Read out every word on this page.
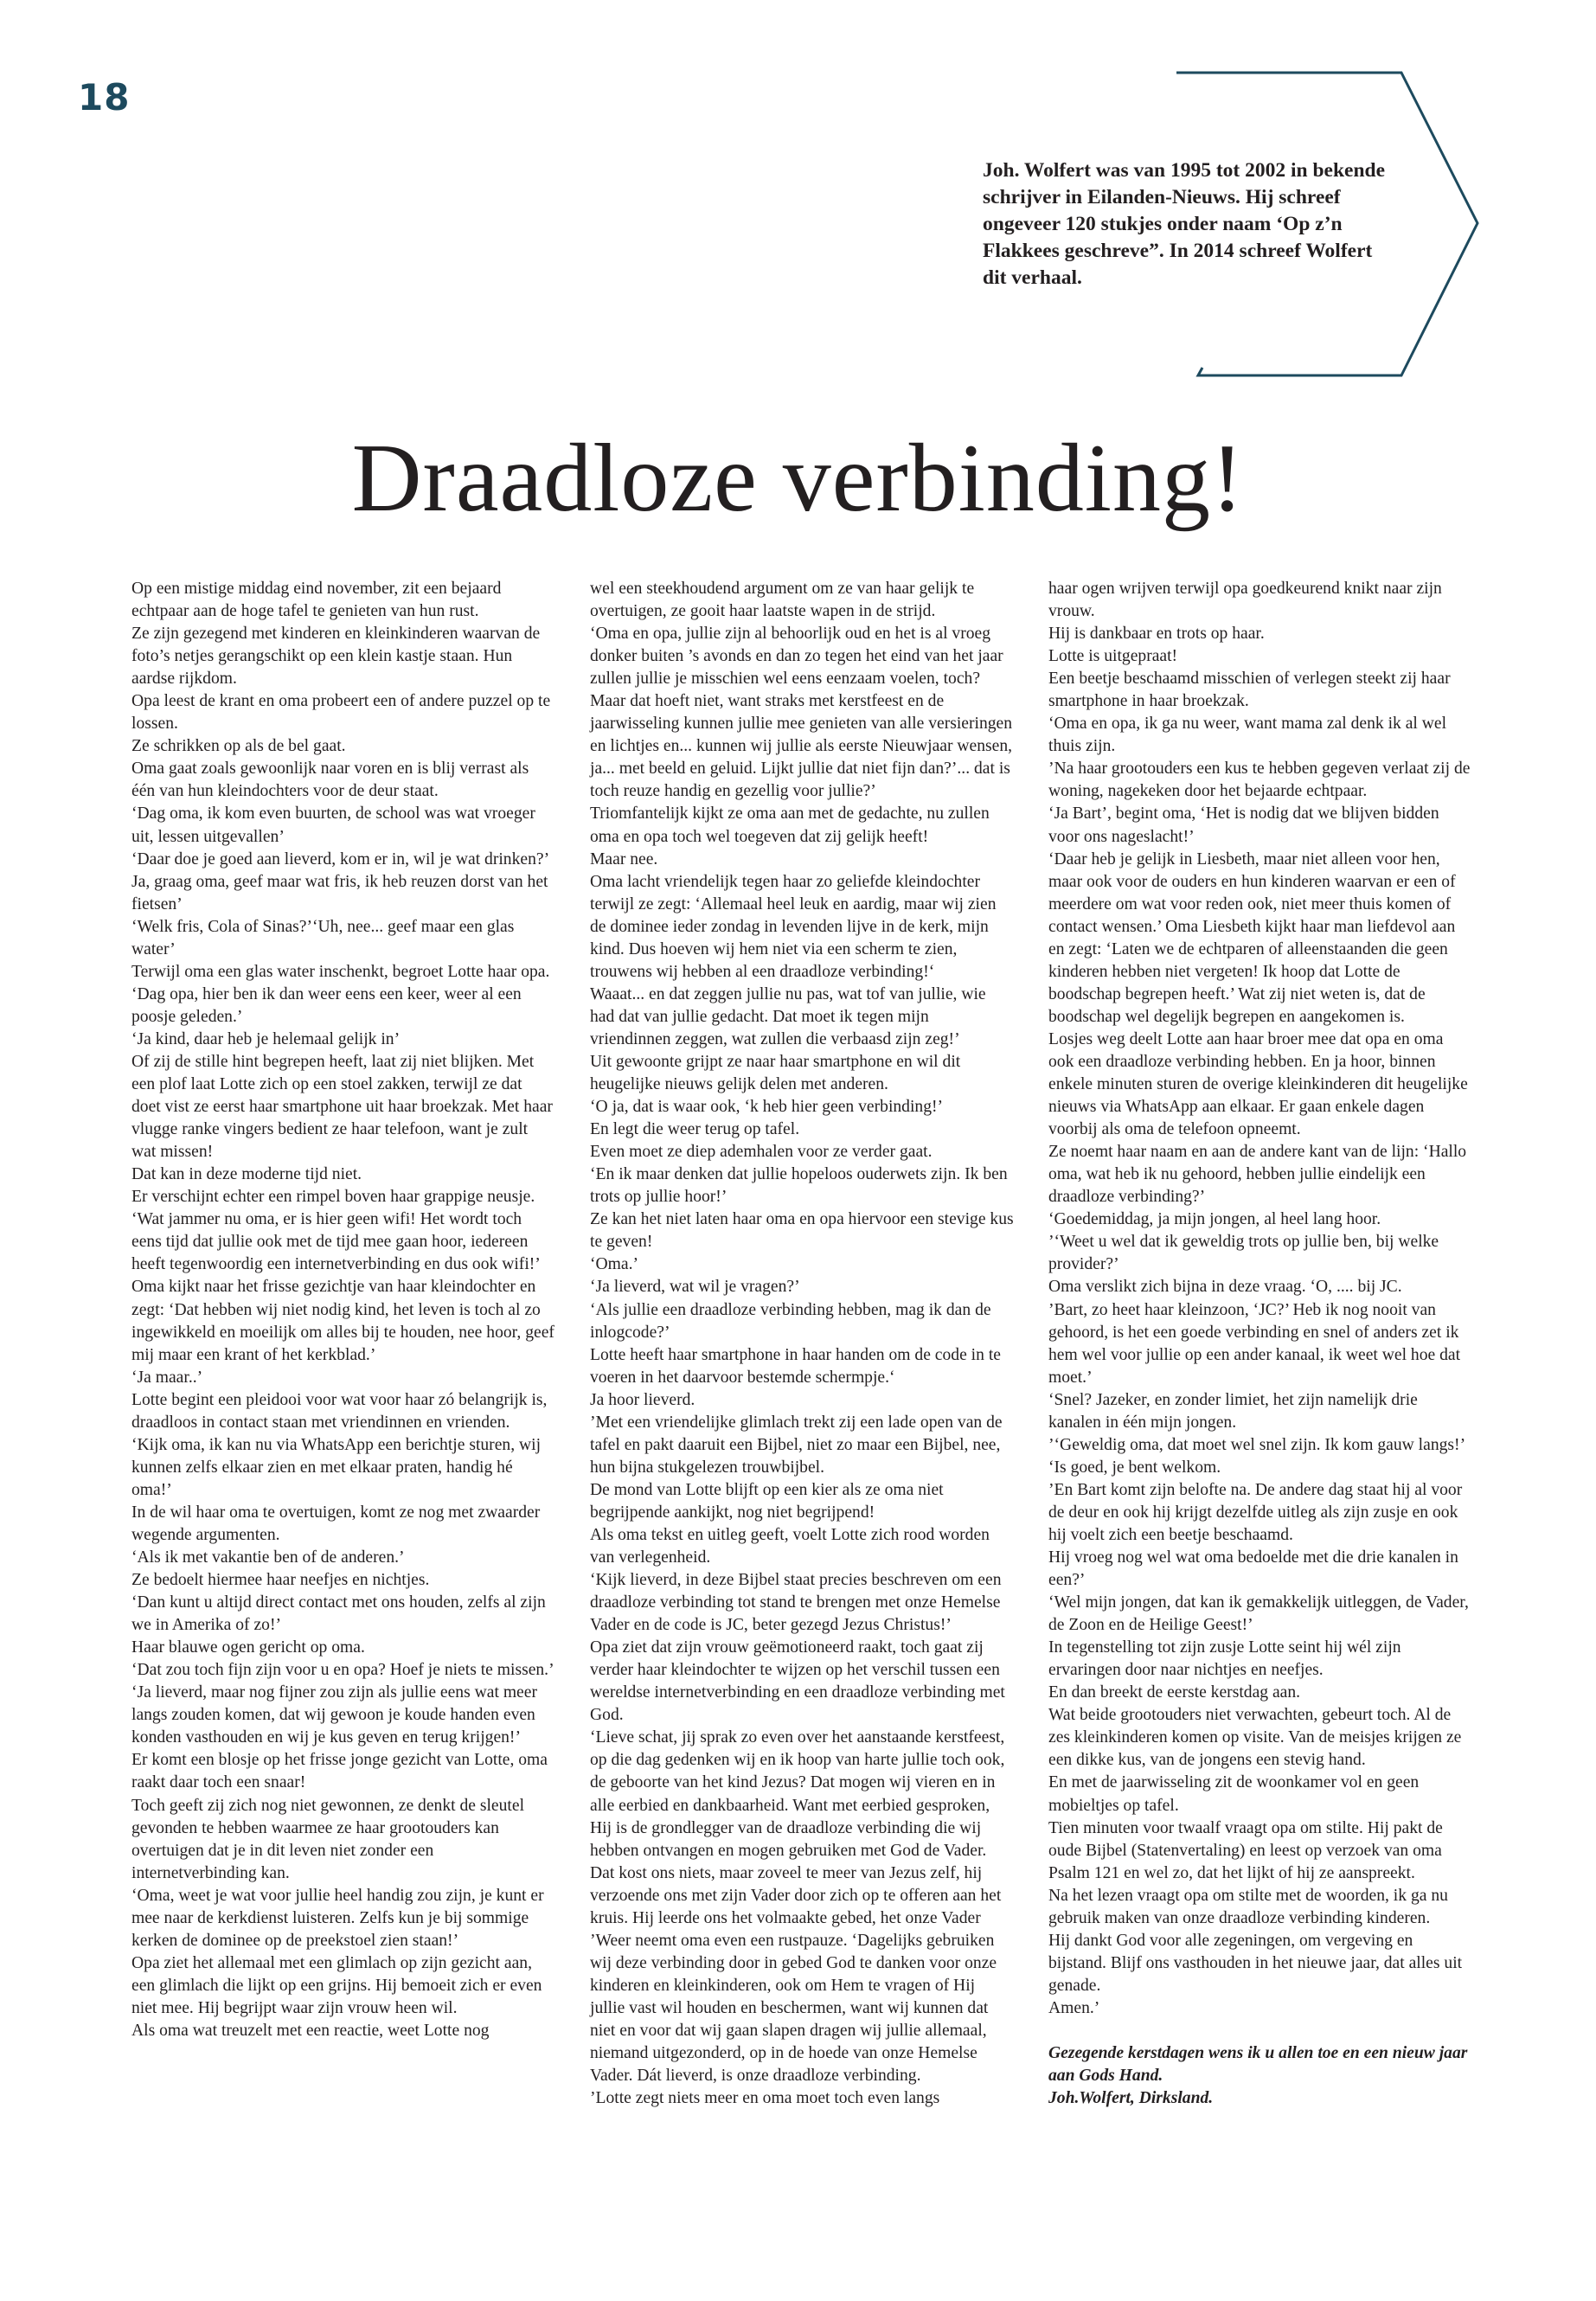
18
Joh. Wolfert was van 1995 tot 2002 in bekende schrijver in Eilanden-Nieuws. Hij schreef ongeveer 120 stukjes onder naam ‘Op z’n Flakkees geschreve”. In 2014 schreef Wolfert dit verhaal.
Draadloze verbinding!

Op een mistige middag eind november, zit een bejaard echtpaar aan de hoge tafel te genieten van hun rust.

Ze zijn gezegend met kinderen en kleinkinderen waarvan de foto’s netjes gerangschikt op een klein kastje staan. Hun aardse rijkdom.

Opa leest de krant en oma probeert een of andere puzzel op te lossen.

Ze schrikken op als de bel gaat.

Oma gaat zoals gewoonlijk naar voren en is blij verrast als één van hun kleindochters voor de deur staat.

‘Dag oma, ik kom even buurten, de school was wat vroeger uit, lessen uitgevallen’

‘Daar doe je goed aan lieverd, kom er in, wil je wat drinken?’

Ja, graag oma, geef maar wat fris, ik heb reuzen dorst van het fietsen’

‘Welk fris, Cola of Sinas?’‘Uh, nee... geef maar een glas water’

Terwijl oma een glas water inschenkt, begroet Lotte haar opa.

‘Dag opa, hier ben ik dan weer eens een keer, weer al een poosje geleden.’

‘Ja kind, daar heb je helemaal gelijk in’

Of zij de stille hint begrepen heeft, laat zij niet blijken. Met een plof laat Lotte zich op een stoel zakken, terwijl ze dat doet vist ze eerst haar smartphone uit haar broekzak. Met haar vlugge ranke vingers bedient ze haar telefoon, want je zult wat missen!

Dat kan in deze moderne tijd niet.

Er verschijnt echter een rimpel boven haar grappige neusje. ‘Wat jammer nu oma, er is hier geen wifi! Het wordt toch eens tijd dat jullie ook met de tijd mee gaan hoor, iedereen heeft tegenwoordig een internetverbinding en dus ook wifi!’

Oma kijkt naar het frisse gezichtje van haar kleindochter en zegt: ‘Dat hebben wij niet nodig kind, het leven is toch al zo ingewikkeld en moeilijk om alles bij te houden, nee hoor, geef mij maar een krant of het kerkblad.’

‘Ja maar..’

Lotte begint een pleidooi voor wat voor haar zó belangrijk is, draadloos in contact staan met vriendinnen en vrienden.

‘Kijk oma, ik kan nu via WhatsApp een berichtje sturen, wij kunnen zelfs elkaar zien en met elkaar praten, handig hé oma!’

In de wil haar oma te overtuigen, komt ze nog met zwaarder wegende argumenten.

‘Als ik met vakantie ben of de anderen.’

Ze bedoelt hiermee haar neefjes en nichtjes.

‘Dan kunt u altijd direct contact met ons houden, zelfs al zijn we in Amerika of zo!’

Haar blauwe ogen gericht op oma.

‘Dat zou toch fijn zijn voor u en opa? Hoef je niets te missen.’

‘Ja lieverd, maar nog fijner zou zijn als jullie eens wat meer langs zouden komen, dat wij gewoon je koude handen even konden vasthouden en wij je kus geven en terug krijgen!’

Er komt een blosje op het frisse jonge gezicht van Lotte, oma raakt daar toch een snaar!

Toch geeft zij zich nog niet gewonnen, ze denkt de sleutel gevonden te hebben waarmee ze haar grootouders kan overtuigen dat je in dit leven niet zonder een internetverbinding kan.

‘Oma, weet je wat voor jullie heel handig zou zijn, je kunt er mee naar de kerkdienst luisteren. Zelfs kun je bij sommige kerken de dominee op de preekstoel zien staan!’

Opa ziet het allemaal met een glimlach op zijn gezicht aan, een glimlach die lijkt op een grijns. Hij bemoeit zich er even niet mee. Hij begrijpt waar zijn vrouw heen wil.

Als oma wat treuzelt met een reactie, weet Lotte nog

wel een steekhoudend argument om ze van haar gelijk te overtuigen, ze gooit haar laatste wapen in de strijd.

‘Oma en opa, jullie zijn al behoorlijk oud en het is al vroeg donker buiten ’s avonds en dan zo tegen het eind van het jaar zullen jullie je misschien wel eens eenzaam voelen, toch? Maar dat hoeft niet, want straks met kerstfeest en de jaarwisseling kunnen jullie mee genieten van alle versieringen en lichtjes en... kunnen wij jullie als eerste Nieuwjaar wensen, ja... met beeld en geluid. Lijkt jullie dat niet fijn dan?’... dat is toch reuze handig en gezellig voor jullie?’

Triomfantelijk kijkt ze oma aan met de gedachte, nu zullen oma en opa toch wel toegeven dat zij gelijk heeft!

Maar nee.

Oma lacht vriendelijk tegen haar zo geliefde kleindochter terwijl ze zegt: ‘Allemaal heel leuk en aardig, maar wij zien de dominee ieder zondag in levenden lijve in de kerk, mijn kind. Dus hoeven wij hem niet via een scherm te zien, trouwens wij hebben al een draadloze verbinding!‘

Waaat... en dat zeggen jullie nu pas, wat tof van jullie, wie had dat van jullie gedacht. Dat moet ik tegen mijn vriendinnen zeggen, wat zullen die verbaasd zijn zeg!’

Uit gewoonte grijpt ze naar haar smartphone en wil dit heugelijke nieuws gelijk delen met anderen.

‘O ja, dat is waar ook, ‘k heb hier geen verbinding!’

En legt die weer terug op tafel.

Even moet ze diep ademhalen voor ze verder gaat.

‘En ik maar denken dat jullie hopeloos ouderwets zijn. Ik ben trots op jullie hoor!’

Ze kan het niet laten haar oma en opa hiervoor een stevige kus te geven!

‘Oma.’

‘Ja lieverd, wat wil je vragen?’

‘Als jullie een draadloze verbinding hebben, mag ik dan de inlogcode?’

Lotte heeft haar smartphone in haar handen om de code in te voeren in het daarvoor bestemde schermpje.‘

Ja hoor lieverd.

’Met een vriendelijke glimlach trekt zij een lade open van de tafel en pakt daaruit een Bijbel, niet zo maar een Bijbel, nee, hun bijna stukgelezen trouwbijbel.

De mond van Lotte blijft op een kier als ze oma niet begrijpende aankijkt, nog niet begrijpend!

Als oma tekst en uitleg geeft, voelt Lotte zich rood worden van verlegenheid.

‘Kijk lieverd, in deze Bijbel staat precies beschreven om een draadloze verbinding tot stand te brengen met onze Hemelse Vader en de code is JC, beter gezegd Jezus Christus!’

Opa ziet dat zijn vrouw geëmotioneerd raakt, toch gaat zij verder haar kleindochter te wijzen op het verschil tussen een wereldse internetverbinding en een draadloze verbinding met God.

‘Lieve schat, jij sprak zo even over het aanstaande kerstfeest, op die dag gedenken wij en ik hoop van harte jullie toch ook, de geboorte van het kind Jezus? Dat mogen wij vieren en in alle eerbied en dankbaarheid. Want met eerbied gesproken, Hij is de grondlegger van de draadloze verbinding die wij hebben ontvangen en mogen gebruiken met God de Vader. Dat kost ons niets, maar zoveel te meer van Jezus zelf, hij verzoende ons met zijn Vader door zich op te offeren aan het kruis. Hij leerde ons het volmaakte gebed, het onze Vader

’Weer neemt oma even een rustpauze. ‘Dagelijks gebruiken wij deze verbinding door in gebed God te danken voor onze kinderen en kleinkinderen, ook om Hem te vragen of Hij jullie vast wil houden en beschermen, want wij kunnen dat niet en voor dat wij gaan slapen dragen wij jullie allemaal, niemand uitgezonderd, op in de hoede van onze Hemelse Vader. Dát lieverd, is onze draadloze verbinding.

’Lotte zegt niets meer en oma moet toch even langs

haar ogen wrijven terwijl opa goedkeurend knikt naar zijn vrouw.

Hij is dankbaar en trots op haar.

Lotte is uitgepraat!

Een beetje beschaamd misschien of verlegen steekt zij haar smartphone in haar broekzak.

‘Oma en opa, ik ga nu weer, want mama zal denk ik al wel thuis zijn.

’Na haar grootouders een kus te hebben gegeven verlaat zij de woning, nagekeken door het bejaarde echtpaar.

‘Ja Bart’, begint oma, ‘Het is nodig dat we blijven bidden voor ons nageslacht!’

‘Daar heb je gelijk in Liesbeth, maar niet alleen voor hen, maar ook voor de ouders en hun kinderen waarvan er een of meerdere om wat voor reden ook, niet meer thuis komen of contact wensen.’ Oma Liesbeth kijkt haar man liefdevol aan en zegt: ‘Laten we de echtparen of alleenstaanden die geen kinderen hebben niet vergeten! Ik hoop dat Lotte de boodschap begrepen heeft.’ Wat zij niet weten is, dat de boodschap wel degelijk begrepen en aangekomen is.

Losjes weg deelt Lotte aan haar broer mee dat opa en oma ook een draadloze verbinding hebben. En ja hoor, binnen enkele minuten sturen de overige kleinkinderen dit heugelijke nieuws via WhatsApp aan elkaar. Er gaan enkele dagen voorbij als oma de telefoon opneemt.

Ze noemt haar naam en aan de andere kant van de lijn: ‘Hallo oma, wat heb ik nu gehoord, hebben jullie eindelijk een draadloze verbinding?’

‘Goedemiddag, ja mijn jongen, al heel lang hoor.

’‘Weet u wel dat ik geweldig trots op jullie ben, bij welke provider?’

Oma verslikt zich bijna in deze vraag. ‘O, .... bij JC.

’Bart, zo heet haar kleinzoon, ‘JC?’ Heb ik nog nooit van gehoord, is het een goede verbinding en snel of anders zet ik hem wel voor jullie op een ander kanaal, ik weet wel hoe dat moet.’

‘Snel? Jazeker, en zonder limiet, het zijn namelijk drie kanalen in één mijn jongen.

’‘Geweldig oma, dat moet wel snel zijn. Ik kom gauw langs!’

‘Is goed, je bent welkom.

’En Bart komt zijn belofte na. De andere dag staat hij al voor de deur en ook hij krijgt dezelfde uitleg als zijn zusje en ook hij voelt zich een beetje beschaamd.

Hij vroeg nog wel wat oma bedoelde met die drie kanalen in een?’

‘Wel mijn jongen, dat kan ik gemakkelijk uitleggen, de Vader, de Zoon en de Heilige Geest!’

In tegenstelling tot zijn zusje Lotte seint hij wél zijn ervaringen door naar nichtjes en neefjes.

En dan breekt de eerste kerstdag aan.

Wat beide grootouders niet verwachten, gebeurt toch. Al de zes kleinkinderen komen op visite. Van de meisjes krijgen ze een dikke kus, van de jongens een stevig hand.

En met de jaarwisseling zit de woonkamer vol en geen mobieltjes op tafel.

Tien minuten voor twaalf vraagt opa om stilte. Hij pakt de oude Bijbel (Statenvertaling) en leest op verzoek van oma Psalm 121 en wel zo, dat het lijkt of hij ze aanspreekt.

Na het lezen vraagt opa om stilte met de woorden, ik ga nu gebruik maken van onze draadloze verbinding kinderen.

Hij dankt God voor alle zegeningen, om vergeving en bijstand. Blijf ons vasthouden in het nieuwe jaar, dat alles uit genade.

Amen.’

Gezegende kerstdagen wens ik u allen toe en een nieuw jaar aan Gods Hand.
Joh.Wolfert, Dirksland.
